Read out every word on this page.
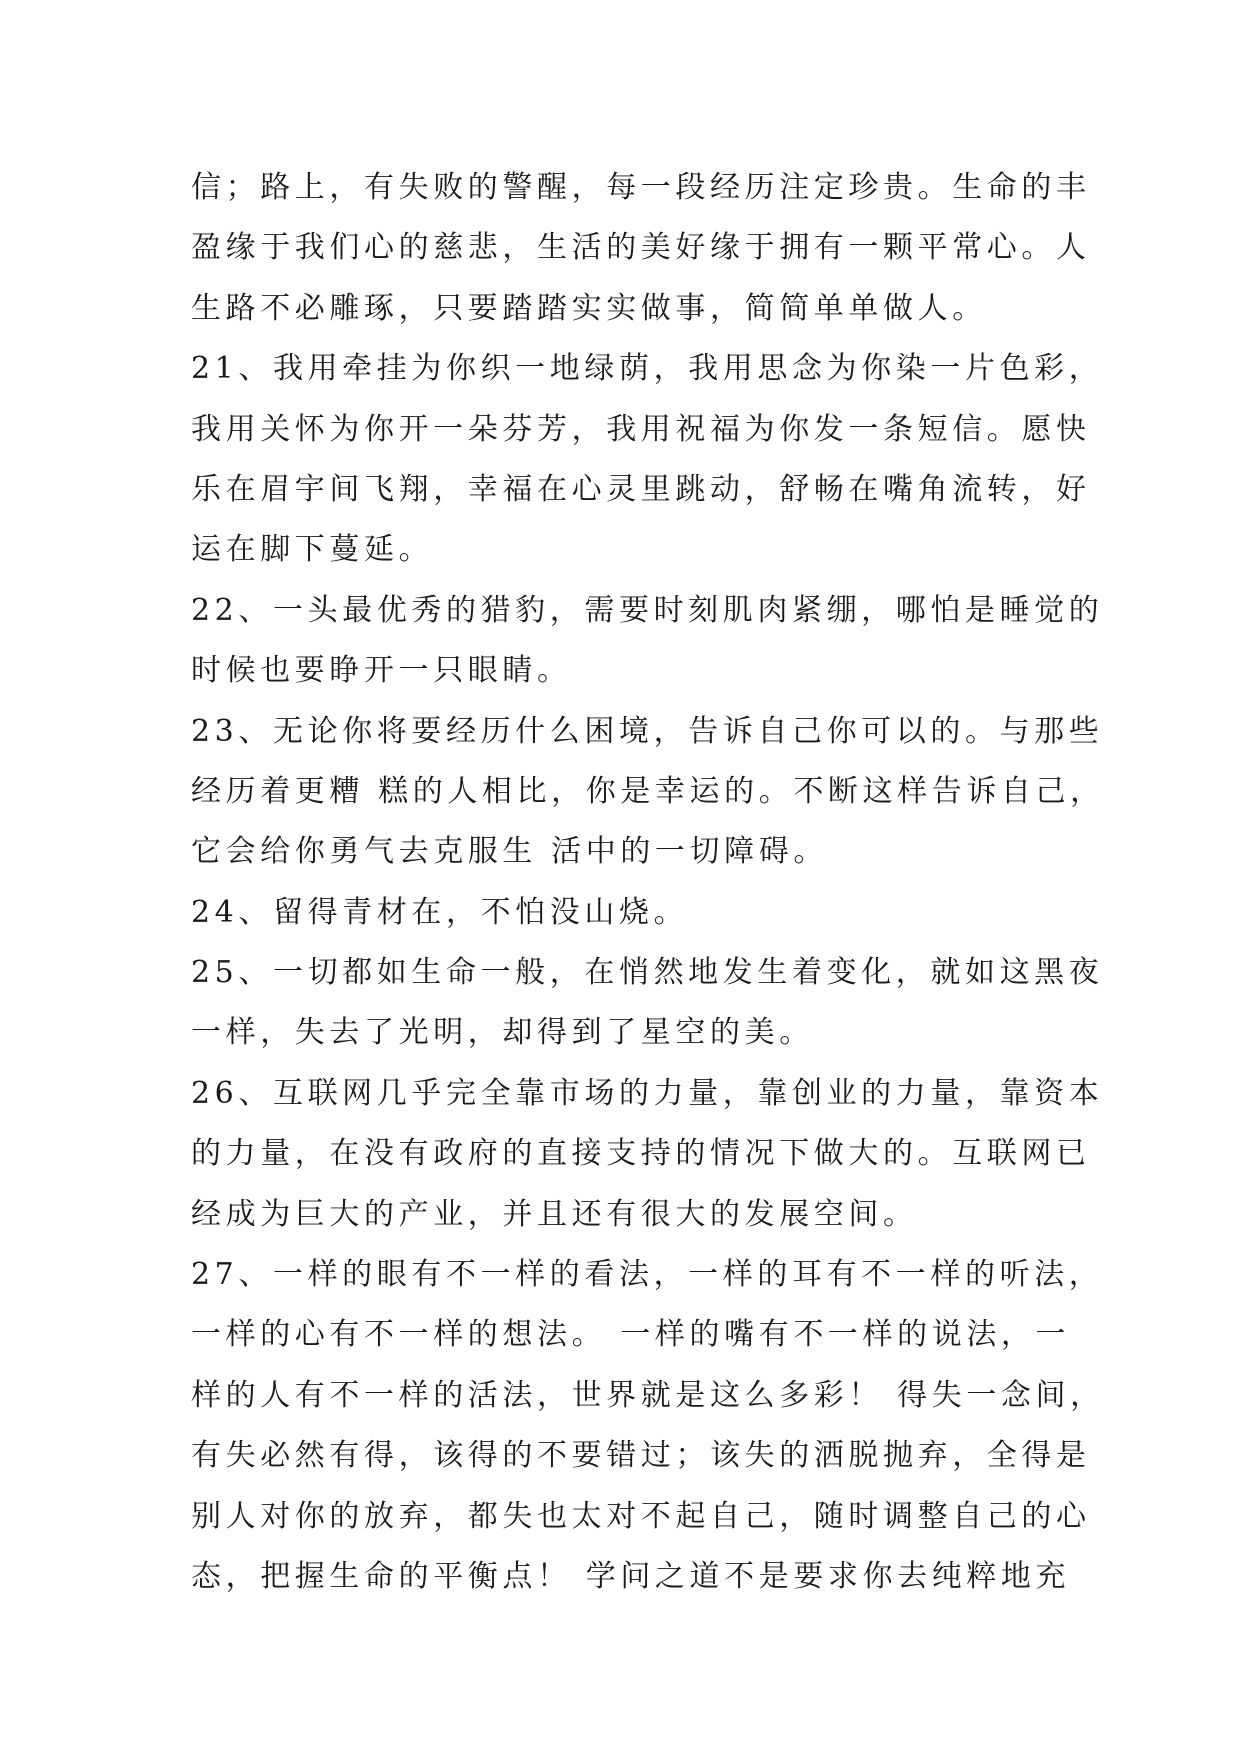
信；路上，有失败的警醒，每一段经历注定珍贵。生命的丰
盈缘于我们心的慈悲，生活的美好缘于拥有一颗平常心。人
生路不必雕琢，只要踏踏实实做事，简简单单做人。
21、我用牵挂为你织一地绿荫，我用思念为你染一片色彩，
我用关怀为你开一朵芬芳，我用祝福为你发一条短信。愿快
乐在眉宇间飞翔，幸福在心灵里跳动，舒畅在嘴角流转，好
运在脚下蔓延。
22、一头最优秀的猎豹，需要时刻肌肉紧绷，哪怕是睡觉的
时候也要睁开一只眼睛。
23、无论你将要经历什么困境，告诉自己你可以的。与那些
经历着更糟 糕的人相比，你是幸运的。不断这样告诉自己，
它会给你勇气去克服生 活中的一切障碍。
24、留得青材在，不怕没山烧。
25、一切都如生命一般，在悄然地发生着变化，就如这黑夜
一样，失去了光明，却得到了星空的美。
26、互联网几乎完全靠市场的力量，靠创业的力量，靠资本
的力量，在没有政府的直接支持的情况下做大的。互联网已
经成为巨大的产业，并且还有很大的发展空间。
27、一样的眼有不一样的看法，一样的耳有不一样的听法，
一样的心有不一样的想法。 一样的嘴有不一样的说法，一
样的人有不一样的活法，世界就是这么多彩！ 得失一念间，
有失必然有得，该得的不要错过；该失的洒脱抛弃，全得是
别人对你的放弃，都失也太对不起自己，随时调整自己的心
态，把握生命的平衡点！ 学问之道不是要求你去纯粹地充
